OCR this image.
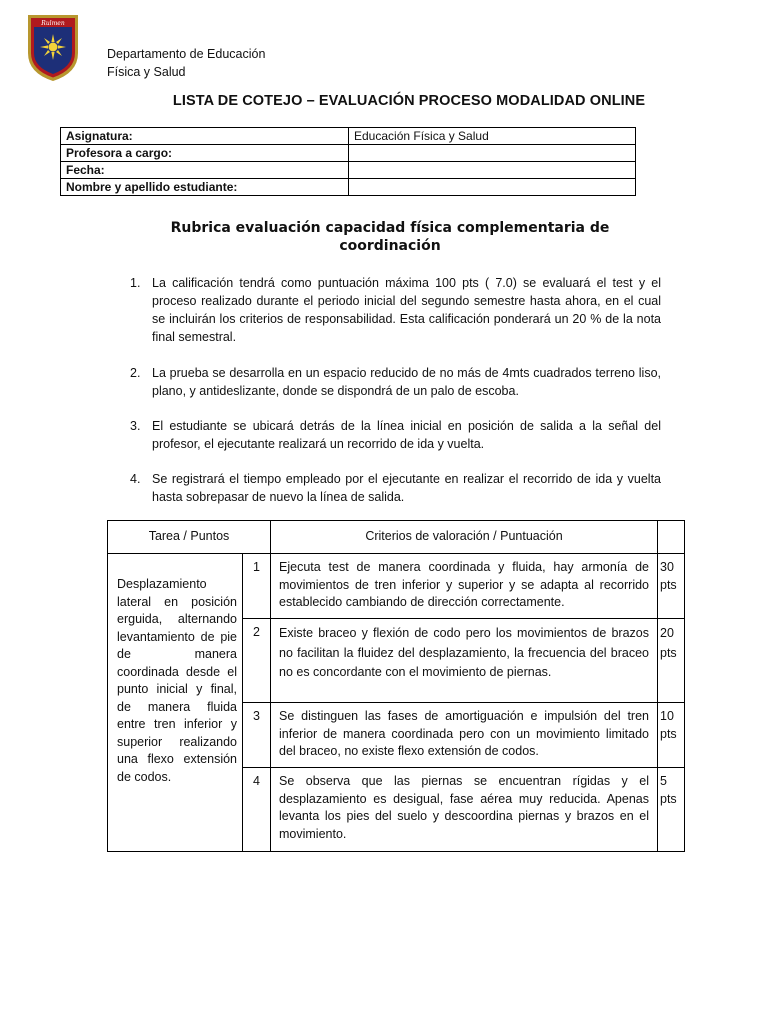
Rulmen
Departamento de Educación
Física y Salud
LISTA DE COTEJO – EVALUACIÓN PROCESO MODALIDAD ONLINE
Asignatura:	Educación Física y Salud
Profesora a cargo:	
Fecha:	
Nombre y apellido estudiante:	
Rubrica evaluación capacidad física complementaria de coordinación
1. La calificación tendrá como puntuación máxima 100 pts ( 7.0) se evaluará el test y el proceso realizado durante el periodo inicial del segundo semestre hasta ahora, en el cual se incluirán los criterios de responsabilidad. Esta calificación ponderará un 20 % de la nota final semestral.
2. La prueba se desarrolla en un espacio reducido de no más de 4mts cuadrados terreno liso, plano, y antideslizante, donde se dispondrá de un palo de escoba.
3. El estudiante se ubicará detrás de la línea inicial en posición de salida a la señal del profesor, el ejecutante realizará un recorrido de ida y vuelta.
4. Se registrará el tiempo empleado por el ejecutante en realizar el recorrido de ida y vuelta hasta sobrepasar de nuevo la línea de salida.
Tarea / Puntos		Criterios de valoración / Puntuación	
Desplazamiento lateral en posición erguida, alternando levantamiento de pie de manera coordinada desde el punto inicial y final, de manera fluida entre tren inferior y superior realizando una flexo extensión de codos.	1	Ejecuta test de manera coordinada y fluida, hay armonía de movimientos de tren inferior y superior y se adapta al recorrido establecido cambiando de dirección correctamente.	30 pts
	2	Existe braceo y flexión de codo pero los movimientos de brazos no facilitan la fluidez del desplazamiento, la frecuencia del braceo no es concordante con el movimiento de piernas.	20 pts
	3	Se distinguen las fases de amortiguación e impulsión del tren inferior de manera coordinada pero con un movimiento limitado del braceo, no existe flexo extensión de codos.	10 pts
	4	Se observa que las piernas se encuentran rígidas y el desplazamiento es desigual, fase aérea muy reducida. Apenas levanta los pies del suelo y descoordina piernas y brazos en el movimiento.	5 pts
